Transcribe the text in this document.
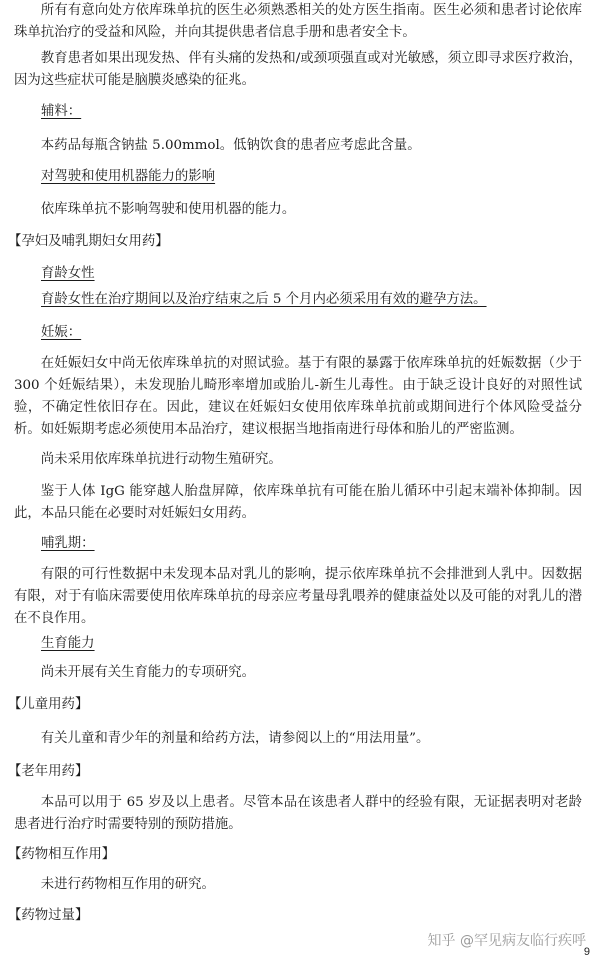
所有有意向处方依库珠单抗的医生必须熟悉相关的处方医生指南。医生必须和患者讨论依库珠单抗治疗的受益和风险，并向其提供患者信息手册和患者安全卡。

教育患者如果出现发热、伴有头痛的发热和/或颈项强直或对光敏感，须立即寻求医疗救治，因为这些症状可能是脑膜炎感染的征兆。

辅料：

本药品每瓶含钠盐 5.00mmol。低钠饮食的患者应考虑此含量。

对驾驶和使用机器能力的影响

依库珠单抗不影响驾驶和使用机器的能力。

【孕妇及哺乳期妇女用药】

育龄女性

育龄女性在治疗期间以及治疗结束之后 5 个月内必须采用有效的避孕方法。

妊娠：

在妊娠妇女中尚无依库珠单抗的对照试验。基于有限的暴露于依库珠单抗的妊娠数据（少于 300 个妊娠结果），未发现胎儿畸形率增加或胎儿-新生儿毒性。由于缺乏设计良好的对照性试验，不确定性依旧存在。因此，建议在妊娠妇女使用依库珠单抗前或期间进行个体风险受益分析。如妊娠期考虑必须使用本品治疗，建议根据当地指南进行母体和胎儿的严密监测。

尚未采用依库珠单抗进行动物生殖研究。

鉴于人体 IgG 能穿越人胎盘屏障，依库珠单抗有可能在胎儿循环中引起末端补体抑制。因此，本品只能在必要时对妊娠妇女用药。

哺乳期：

有限的可行性数据中未发现本品对乳儿的影响，提示依库珠单抗不会排泄到人乳中。因数据有限，对于有临床需要使用依库珠单抗的母亲应考量母乳喂养的健康益处以及可能的对乳儿的潜在不良作用。

生育能力

尚未开展有关生育能力的专项研究。

【儿童用药】

有关儿童和青少年的剂量和给药方法，请参阅以上的“用法用量”。

【老年用药】

本品可以用于 65 岁及以上患者。尽管本品在该患者人群中的经验有限，无证据表明对老龄患者进行治疗时需要特别的预防措施。

【药物相互作用】

未进行药物相互作用的研究。

【药物过量】

知乎 @罕见病友临行疾呼
9
